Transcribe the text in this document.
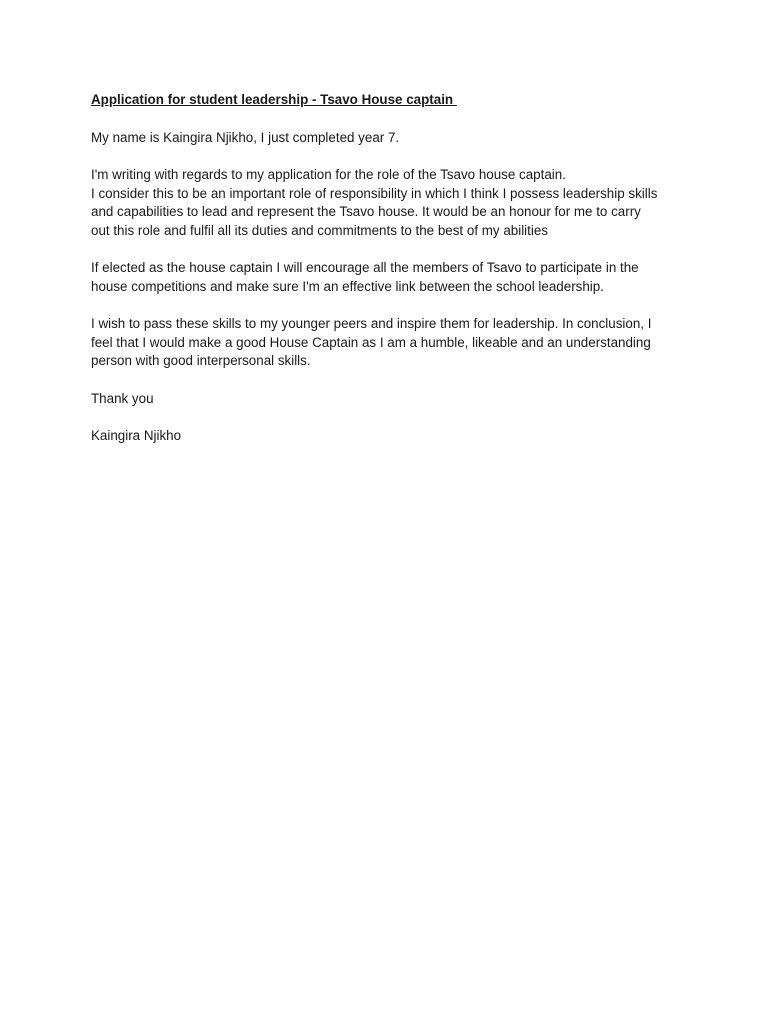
Application for student leadership - Tsavo House captain
My name is Kaingira Njikho, I just completed year 7.
I'm writing with regards to my application for the role of the Tsavo house captain.
I consider this to be an important role of responsibility in which I think I possess leadership skills
and capabilities to lead and represent the Tsavo house. It would be an honour for me to carry
out this role and fulfil all its duties and commitments to the best of my abilities
If elected as the house captain I will encourage all the members of Tsavo to participate in the
house competitions and make sure I'm an effective link between the school leadership.
I wish to pass these skills to my younger peers and inspire them for leadership. In conclusion, I
feel that I would make a good House Captain as I am a humble, likeable and an understanding
person with good interpersonal skills.
Thank you
Kaingira Njikho
